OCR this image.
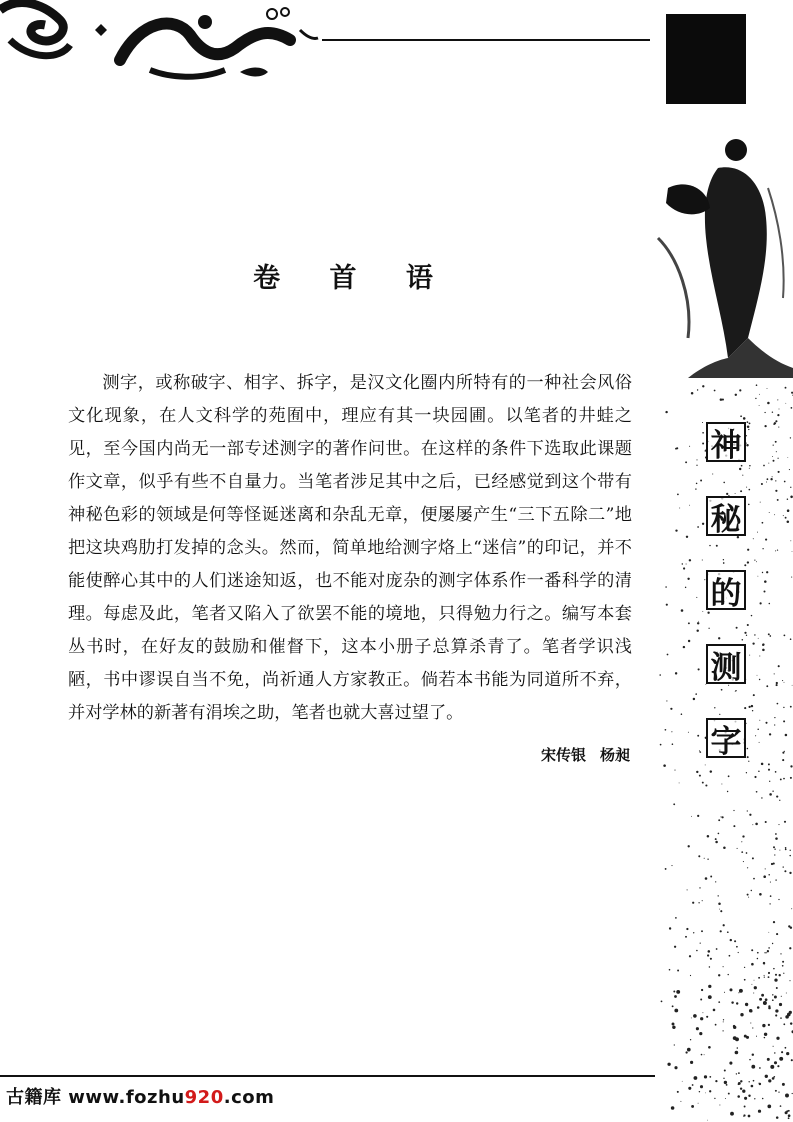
神
秘
的
测
字
卷 首 语

测字，或称破字、相字、拆字，是汉文化圈内所特有的一种社会风俗文化现象，在人文科学的苑囿中，理应有其一块园圃。以笔者的井蛙之见，至今国内尚无一部专述测字的著作问世。在这样的条件下选取此课题作文章，似乎有些不自量力。当笔者涉足其中之后，已经感觉到这个带有神秘色彩的领域是何等怪诞迷离和杂乱无章，便屡屡产生“三下五除二”地把这块鸡肋打发掉的念头。然而，简单地给测字烙上“迷信”的印记，并不能使醉心其中的人们迷途知返，也不能对庞杂的测字体系作一番科学的清理。每虑及此，笔者又陷入了欲罢不能的境地，只得勉力行之。编写本套丛书时，在好友的鼓励和催督下，这本小册子总算杀青了。笔者学识浅陋，书中谬误自当不免，尚祈通人方家教正。倘若本书能为同道所不弃，并对学林的新著有涓埃之助，笔者也就大喜过望了。

宋传银 杨昶
古籍库 www.fozhu920.com
